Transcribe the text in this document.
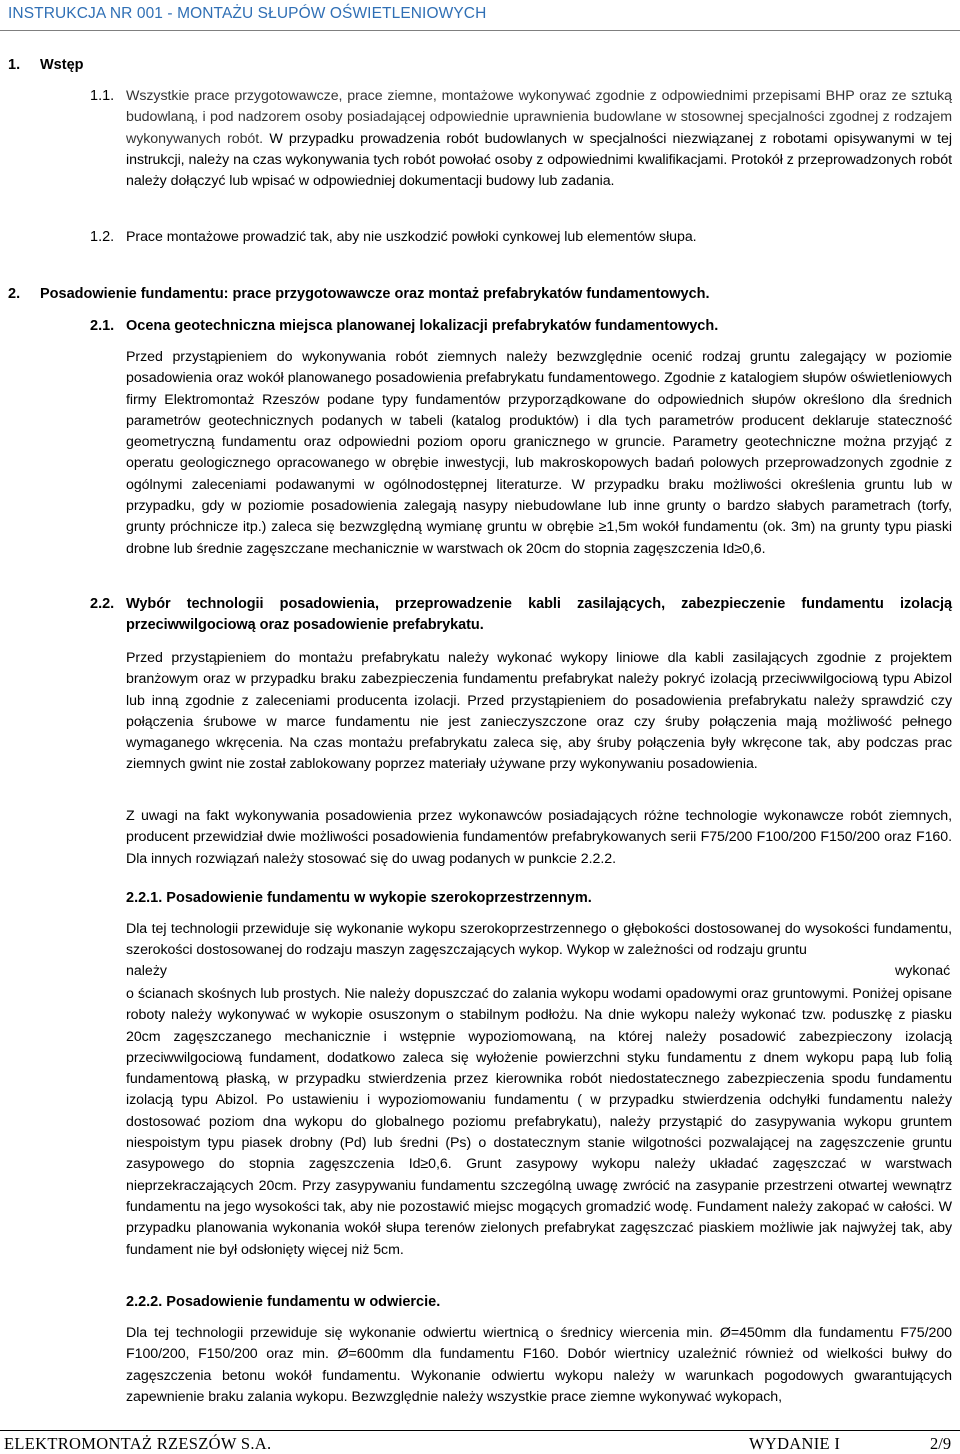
INSTRUKCJA NR 001 - MONTAŻU SŁUPÓW OŚWIETLENIOWYCH
1. Wstęp
1.1. Wszystkie prace przygotowawcze, prace ziemne, montażowe wykonywać zgodnie z odpowiednimi przepisami BHP oraz ze sztuką budowlaną, i pod nadzorem osoby posiadającej odpowiednie uprawnienia budowlane w stosownej specjalności zgodnej z rodzajem wykonywanych robót. W przypadku prowadzenia robót budowlanych w specjalności niezwiązanej z robotami opisywanymi w tej instrukcji, należy na czas wykonywania tych robót powołać osoby z odpowiednimi kwalifikacjami. Protokół z przeprowadzonych robót należy dołączyć lub wpisać w odpowiedniej dokumentacji budowy lub zadania.

1.2. Prace montażowe prowadzić tak, aby nie uszkodzić powłoki cynkowej lub elementów słupa.

2. Posadowienie fundamentu: prace przygotowawcze oraz montaż prefabrykatów fundamentowych.
2.1. Ocena geotechniczna miejsca planowanej lokalizacji prefabrykatów fundamentowych.

Przed przystąpieniem do wykonywania robót ziemnych należy bezwzględnie ocenić rodzaj gruntu zalegający w poziomie posadowienia oraz wokół planowanego posadowienia prefabrykatu fundamentowego. Zgodnie z katalogiem słupów oświetleniowych firmy Elektromontaż Rzeszów podane typy fundamentów przyporządkowane do odpowiednich słupów określono dla średnich parametrów geotechnicznych podanych w tabeli (katalog produktów) i dla tych parametrów producent deklaruje stateczność geometryczną fundamentu oraz odpowiedni poziom oporu granicznego w gruncie. Parametry geotechniczne można przyjąć z operatu geologicznego opracowanego w obrębie inwestycji, lub makroskopowych badań polowych przeprowadzonych zgodnie z ogólnymi zaleceniami podawanymi w ogólnodostępnej literaturze. W przypadku braku możliwości określenia gruntu lub w przypadku, gdy w poziomie posadowienia zalegają nasypy niebudowlane lub inne grunty o bardzo słabych parametrach (torfy, grunty próchnicze itp.) zaleca się bezwzględną wymianę gruntu w obrębie ≥1,5m wokół fundamentu (ok. 3m) na grunty typu piaski drobne lub średnie zagęszczane mechanicznie w warstwach ok 20cm do stopnia zagęszczenia Id≥0,6.

2.2. Wybór technologii posadowienia, przeprowadzenie kabli zasilających, zabezpieczenie fundamentu izolacją przeciwwilgociową oraz posadowienie prefabrykatu.

Przed przystąpieniem do montażu prefabrykatu należy wykonać wykopy liniowe dla kabli zasilających zgodnie z projektem branżowym oraz w przypadku braku zabezpieczenia fundamentu prefabrykat należy pokryć izolacją przeciwwilgociową typu Abizol lub inną zgodnie z zaleceniami producenta izolacji. Przed przystąpieniem do posadowienia prefabrykatu należy sprawdzić czy połączenia śrubowe w marce fundamentu nie jest zanieczyszczone oraz czy śruby połączenia mają możliwość pełnego wymaganego wkręcenia. Na czas montażu prefabrykatu zaleca się, aby śruby połączenia były wkręcone tak, aby podczas prac ziemnych gwint nie został zablokowany poprzez materiały używane przy wykonywaniu posadowienia.

Z uwagi na fakt wykonywania posadowienia przez wykonawców posiadających różne technologie wykonawcze robót ziemnych, producent przewidział dwie możliwości posadowienia fundamentów prefabrykowanych serii F75/200 F100/200 F150/200 oraz F160. Dla innych rozwiązań należy stosować się do uwag podanych w punkcie 2.2.2.

2.2.1. Posadowienie fundamentu w wykopie szerokoprzestrzennym.

Dla tej technologii przewiduje się wykonanie wykopu szerokoprzestrzennego o głębokości dostosowanej do wysokości fundamentu, szerokości dostosowanej do rodzaju maszyn zagęszczających wykop. Wykop w zależności od rodzaju gruntu

należy	wykonać

o ścianach skośnych lub prostych. Nie należy dopuszczać do zalania wykopu wodami opadowymi oraz gruntowymi. Poniżej opisane roboty należy wykonywać w wykopie osuszonym o stabilnym podłożu. Na dnie wykopu należy wykonać tzw. poduszkę z piasku 20cm zagęszczanego mechanicznie i wstępnie wypoziomowaną, na której należy posadowić zabezpieczony izolacją przeciwwilgociową fundament, dodatkowo zaleca się wyłożenie powierzchni styku fundamentu z dnem wykopu papą lub folią fundamentową płaską, w przypadku stwierdzenia przez kierownika robót niedostatecznego zabezpieczenia spodu fundamentu izolacją typu Abizol. Po ustawieniu i wypoziomowaniu fundamentu ( w przypadku stwierdzenia odchyłki fundamentu należy dostosować poziom dna wykopu do globalnego poziomu prefabrykatu), należy przystąpić do zasypywania wykopu gruntem niespoistym typu piasek drobny (Pd) lub średni (Ps) o dostatecznym stanie wilgotności pozwalającej na zagęszczenie gruntu zasypowego do stopnia zagęszczenia Id≥0,6. Grunt zasypowy wykopu należy układać zagęszczać w warstwach nieprzekraczających 20cm. Przy zasypywaniu fundamentu szczególną uwagę zwrócić na zasypanie przestrzeni otwartej wewnątrz fundamentu na jego wysokości tak, aby nie pozostawić miejsc mogących gromadzić wodę. Fundament należy zakopać w całości. W przypadku planowania wykonania wokół słupa terenów zielonych prefabrykat zagęszczać piaskiem możliwie jak najwyżej tak, aby fundament nie był odsłonięty więcej niż 5cm.

2.2.2. Posadowienie fundamentu w odwiercie.

Dla tej technologii przewiduje się wykonanie odwiertu wiertnicą o średnicy wiercenia min. Ø=450mm dla fundamentu F75/200 F100/200, F150/200 oraz min. Ø=600mm dla fundamentu F160. Dobór wiertnicy uzależnić również od wielkości bułwy do zagęszczenia betonu wokół fundamentu. Wykonanie odwiertu wykopu należy w warunkach pogodowych gwarantujących zapewnienie braku zalania wykopu. Bezwzględnie należy wszystkie prace ziemne wykonywać wykopach,

ELEKTROMONTAŻ RZESZÓW S.A.	WYDANIE I	2/9
